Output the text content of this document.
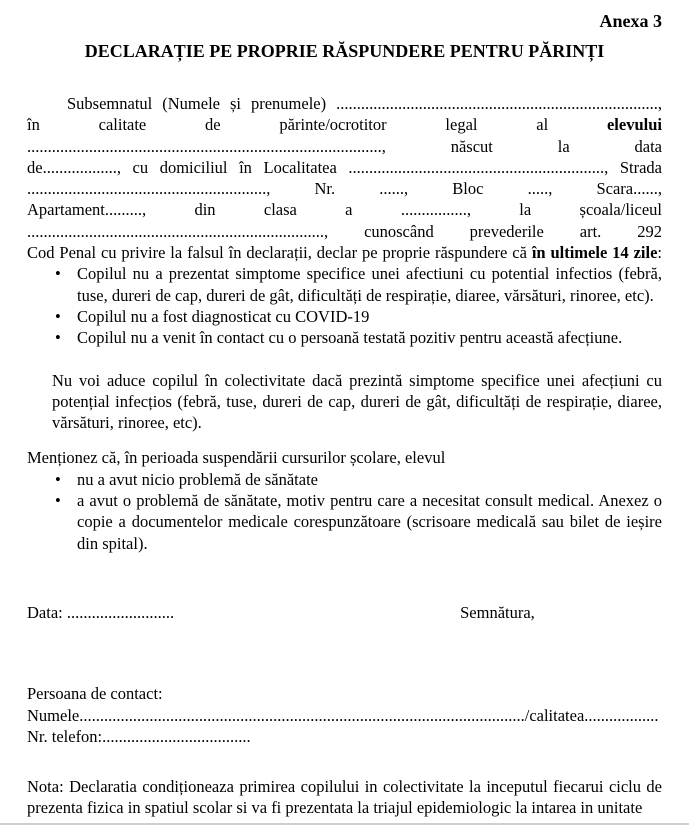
Anexa 3
DECLARAȚIE PE PROPRIE RĂSPUNDERE PENTRU PĂRINȚI
Subsemnatul (Numele și prenumele) ..............................................................................,
în calitate de părinte/ocrotitor legal al elevului
......................................................................................, născut la data
de.................., cu domiciliul în Localitatea .............................................................., Strada
.........................................................., Nr. ......, Bloc ....., Scara......,
Apartament........., din clasa a ................, la școala/liceul
........................................................................, cunoscând prevederile art. 292
Cod Penal cu privire la falsul în declarații, declar pe proprie răspundere că în ultimele 14 zile:
• Copilul nu a prezentat simptome specifice unei afectiuni cu potential infectios (febră, tuse, dureri de cap, dureri de gât, dificultăți de respirație, diaree, vărsături, rinoree, etc).
• Copilul nu a fost diagnosticat cu COVID-19
• Copilul nu a venit în contact cu o persoană testată pozitiv pentru această afecțiune.
Nu voi aduce copilul în colectivitate dacă prezintă simptome specifice unei afecțiuni cu potențial infecțios (febră, tuse, dureri de cap, dureri de gât, dificultăți de respirație, diaree, vărsături, rinoree, etc).
Menționez că, în perioada suspendării cursurilor școlare, elevul
• nu a avut nicio problemă de sănătate
• a avut o problemă de sănătate, motiv pentru care a necesitat consult medical. Anexez o copie a documentelor medicale corespunzătoare (scrisoare medicală sau bilet de ieșire din spital).
Data: ..........................	Semnătura,
Persoana de contact:
Numele............................................................................................................/calitatea..................
Nr. telefon:....................................
Nota: Declaratia condiționeaza primirea copilului in colectivitate la inceputul fiecarui ciclu de prezenta fizica in spatiul scolar si va fi prezentata la triajul epidemiologic la intarea in unitate
